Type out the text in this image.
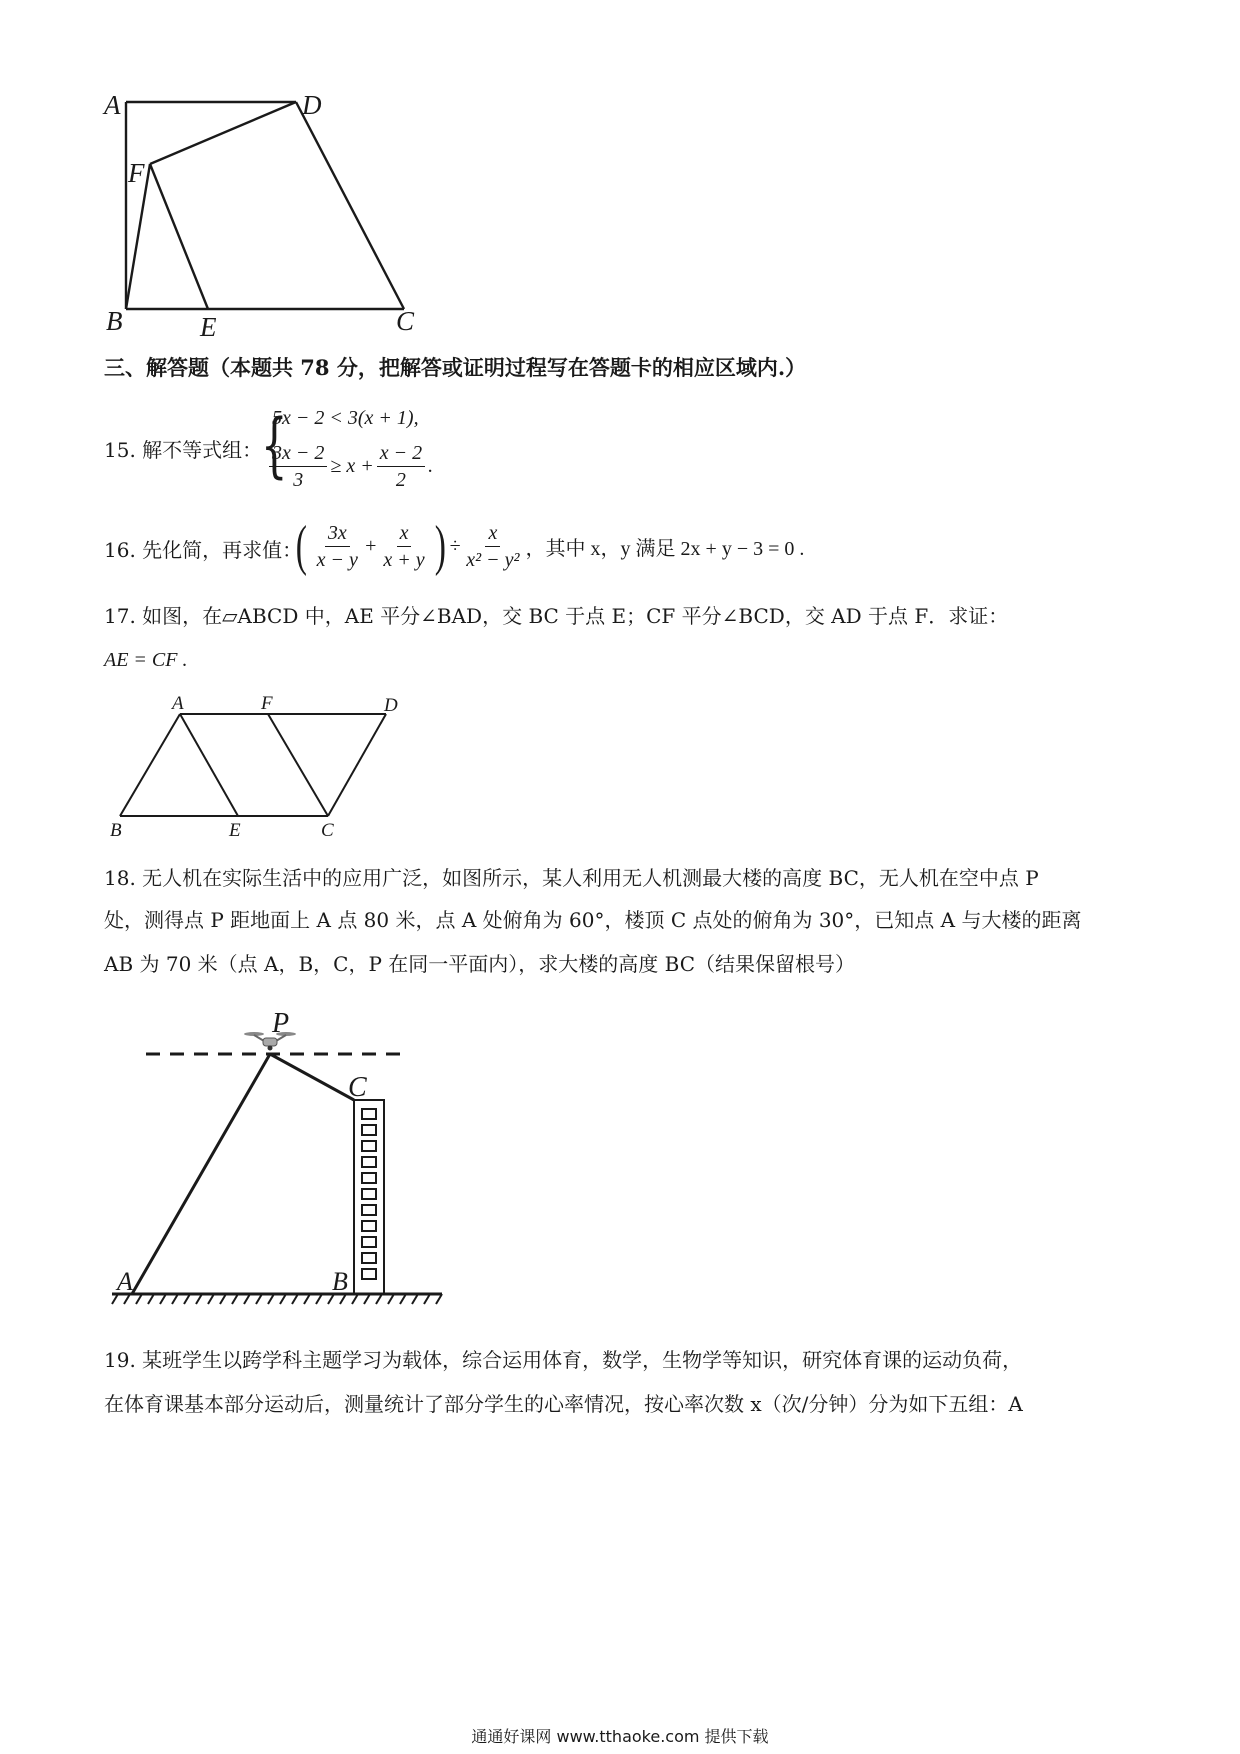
A	D
F
B	E	C
三、解答题（本题共 78 分，把解答或证明过程写在答题卡的相应区域内.）
15. 解不等式组：
{
5x − 2 < 3(x + 1),
$\frac{3x - 2}{3} \ge x + \frac{x - 2}{2}$ .
16. 先化简，再求值：
( $\frac{3x}{x - y} + \frac{x}{x + y}$ ) ÷ $\frac{x}{\text{x² − y²}}$ ，其中 x，y 满足 2x + y − 3 = 0 .
17. 如图，在▱ABCD 中，AE 平分∠BAD，交 BC 于点 E；CF 平分∠BCD，交 AD 于点 F．求证：
AE = CF .
A	F	D
B	E	C
18. 无人机在实际生活中的应用广泛，如图所示，某人利用无人机测最大楼的高度 BC，无人机在空中点 P
处，测得点 P 距地面上 A 点 80 米，点 A 处俯角为 60°，楼顶 C 点处的俯角为 30°，已知点 A 与大楼的距离
AB 为 70 米（点 A，B，C，P 在同一平面内），求大楼的高度 BC（结果保留根号）
P
C
A	B
19. 某班学生以跨学科主题学习为载体，综合运用体育，数学，生物学等知识，研究体育课的运动负荷，
在体育课基本部分运动后，测量统计了部分学生的心率情况，按心率次数 x（次/分钟）分为如下五组：A
通通好课网 www.tthaoke.com 提供下载
